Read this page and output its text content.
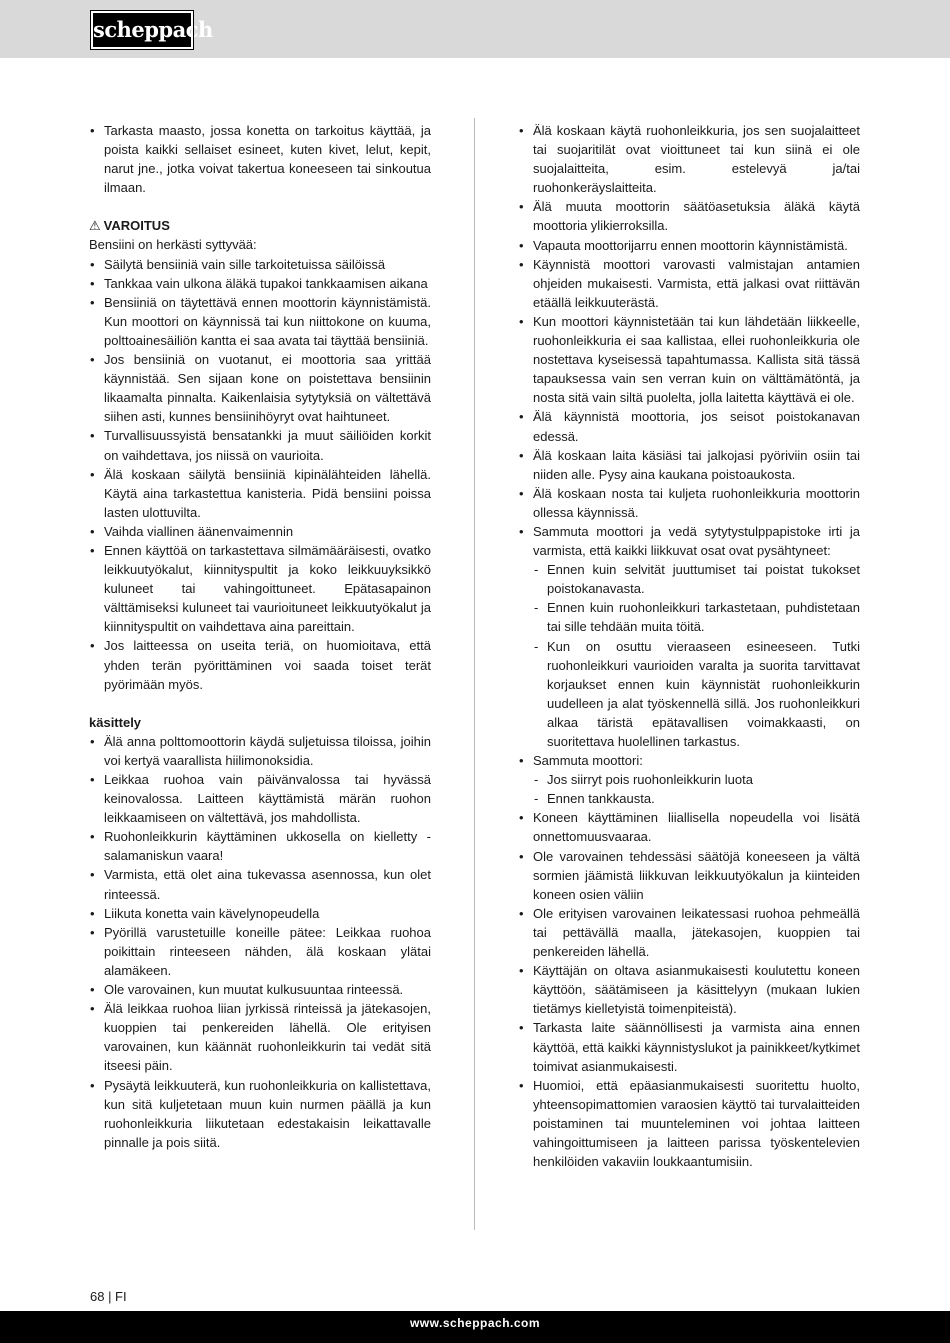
scheppach
• Tarkasta maasto, jossa konetta on tarkoitus käyttää, ja poista kaikki sellaiset esineet, kuten kivet, lelut, kepit, narut jne., jotka voivat takertua koneeseen tai sinkoutua ilmaan.
⚠ VAROITUS

Bensiini on herkästi syttyvää:

• Säilytä bensiiniä vain sille tarkoitetuissa säilöissä
• Tankkaa vain ulkona äläkä tupakoi tankkaamisen aikana
• Bensiiniä on täytettävä ennen moottorin käynnistämistä. Kun moottori on käynnissä tai kun niittokone on kuuma, polttoainesäiliön kantta ei saa avata tai täyttää bensiiniä.
• Jos bensiiniä on vuotanut, ei moottoria saa yrittää käynnistää. Sen sijaan kone on poistettava bensiinin likaamalta pinnalta. Kaikenlaisia sytytyksiä on vältettävä siihen asti, kunnes bensiinihöyryt ovat haihtuneet.
• Turvallisuussyistä bensatankki ja muut säiliöiden korkit on vaihdettava, jos niissä on vaurioita.
• Älä koskaan säilytä bensiiniä kipinälähteiden lähellä. Käytä aina tarkastettua kanisteria. Pidä bensiini poissa lasten ulottuvilta.
• Vaihda viallinen äänenvaimennin
• Ennen käyttöä on tarkastettava silmämääräisesti, ovatko leikkuutyökalut, kiinnityspultit ja koko leikkuuyksikkö kuluneet tai vahingoittuneet. Epätasapainon välttämiseksi kuluneet tai vaurioituneet leikkuutyökalut ja kiinnityspultit on vaihdettava aina pareittain.
• Jos laitteessa on useita teriä, on huomioitava, että yhden terän pyörittäminen voi saada toiset terät pyörimään myös.
käsittely
• Älä anna polttomoottorin käydä suljetuissa tiloissa, joihin voi kertyä vaarallista hiilimonoksidia.
• Leikkaa ruohoa vain päivänvalossa tai hyvässä keinovalossa. Laitteen käyttämistä märän ruohon leikkaamiseen on vältettävä, jos mahdollista.
• Ruohonleikkurin käyttäminen ukkosella on kielletty - salamaniskun vaara!
• Varmista, että olet aina tukevassa asennossa, kun olet rinteessä.
• Liikuta konetta vain kävelynopeudella
• Pyörillä varustetuille koneille pätee: Leikkaa ruohoa poikittain rinteeseen nähden, älä koskaan ylätai alamäkeen.
• Ole varovainen, kun muutat kulkusuuntaa rinteessä.
• Älä leikkaa ruohoa liian jyrkissä rinteissä ja jätekasojen, kuoppien tai penkereiden lähellä. Ole erityisen varovainen, kun käännät ruohonleikkurin tai vedät sitä itseesi päin.
• Pysäytä leikkuuterä, kun ruohonleikkuria on kallistettava, kun sitä kuljetetaan muun kuin nurmen päällä ja kun ruohonleikkuria liikutetaan edestakaisin leikattavalle pinnalle ja pois siitä.
• Älä koskaan käytä ruohonleikkuria, jos sen suojalaitteet tai suojaritilät ovat vioittuneet tai kun siinä ei ole suojalaitteita, esim. estelevyä ja/tai ruohonkeräyslaitteita.
• Älä muuta moottorin säätöasetuksia äläkä käytä moottoria ylikierroksilla.
• Vapauta moottorijarru ennen moottorin käynnistämistä.
• Käynnistä moottori varovasti valmistajan antamien ohjeiden mukaisesti. Varmista, että jalkasi ovat riittävän etäällä leikkuuterästä.
• Kun moottori käynnistetään tai kun lähdetään liikkeelle, ruohonleikkuria ei saa kallistaa, ellei ruohonleikkuria ole nostettava kyseisessä tapahtumassa. Kallista sitä tässä tapauksessa vain sen verran kuin on välttämätöntä, ja nosta sitä vain siltä puolelta, jolla laitetta käyttävä ei ole.
• Älä käynnistä moottoria, jos seisot poistokanavan edessä.
• Älä koskaan laita käsiäsi tai jalkojasi pyöriviin osiin tai niiden alle. Pysy aina kaukana poistoaukosta.
• Älä koskaan nosta tai kuljeta ruohonleikkuria moottorin ollessa käynnissä.
• Sammuta moottori ja vedä sytytystulppapistoke irti ja varmista, että kaikki liikkuvat osat ovat pysähtyneet:
- Ennen kuin selvität juuttumiset tai poistat tukokset poistokanavasta.
- Ennen kuin ruohonleikkuri tarkastetaan, puhdistetaan tai sille tehdään muita töitä.
- Kun on osuttu vieraaseen esineeseen. Tutki ruohonleikkuri vaurioiden varalta ja suorita tarvittavat korjaukset ennen kuin käynnistät ruohonleikkurin uudelleen ja alat työskennellä sillä. Jos ruohonleikkuri alkaa täristä epätavallisen voimakkaasti, on suoritettava huolellinen tarkastus.
• Sammuta moottori:
- Jos siirryt pois ruohonleikkurin luota
- Ennen tankkausta.
• Koneen käyttäminen liiallisella nopeudella voi lisätä onnettomuusvaaraa.
• Ole varovainen tehdessäsi säätöjä koneeseen ja vältä sormien jäämistä liikkuvan leikkuutyökalun ja kiinteiden koneen osien väliin
• Ole erityisen varovainen leikatessasi ruohoa pehmeällä tai pettävällä maalla, jätekasojen, kuoppien tai penkereiden lähellä.
• Käyttäjän on oltava asianmukaisesti koulutettu koneen käyttöön, säätämiseen ja käsittelyyn (mukaan lukien tietämys kielletyistä toimenpiteistä).
• Tarkasta laite säännöllisesti ja varmista aina ennen käyttöä, että kaikki käynnistyslukot ja painikkeet/kytkimet toimivat asianmukaisesti.
• Huomioi, että epäasianmukaisesti suoritettu huolto, yhteensopimattomien varaosien käyttö tai turvalaitteiden poistaminen tai muunteleminen voi johtaa laitteen vahingoittumiseen ja laitteen parissa työskentelevien henkilöiden vakaviin loukkaantumisiin.
68 | FI
www.scheppach.com
